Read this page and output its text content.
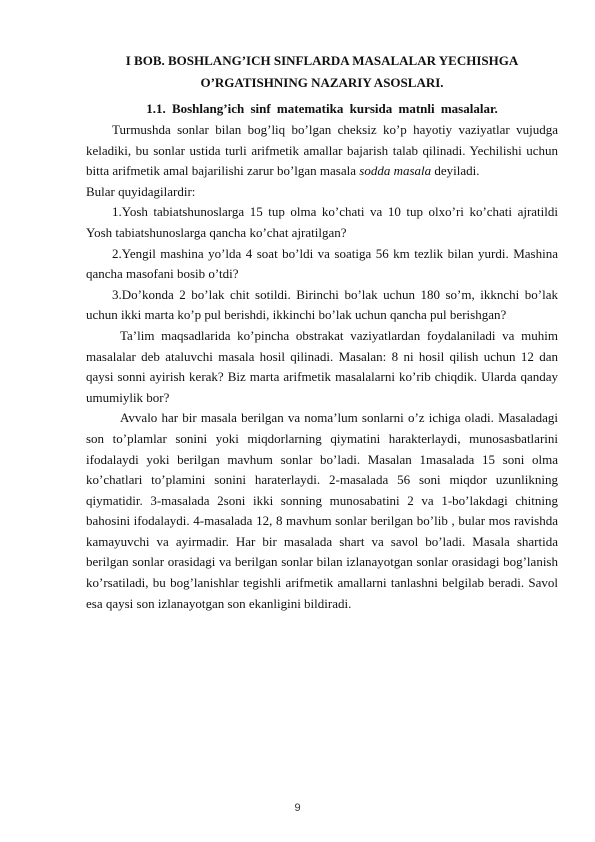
I BOB. BOSHLANG’ICH SINFLARDA MASALALAR YECHISHGA

O’RGATISHNING NAZARIY ASOSLARI.

1.1. Boshlang’ich sinf matematika kursida matnli masalalar.

Turmushda sonlar bilan bog’liq bo’lgan cheksiz ko’p hayotiy vaziyatlar vujudga keladiki, bu sonlar ustida turli arifmetik amallar bajarish talab qilinadi. Yechilishi uchun bitta arifmetik amal bajarilishi zarur bo’lgan masala sodda masala deyiladi.

Bular quyidagilardir:

1.Yosh tabiatshunoslarga 15 tup olma ko’chati va 10 tup olxo’ri ko’chati ajratildi Yosh tabiatshunoslarga qancha ko’chat ajratilgan?

2.Yengil mashina yo’lda 4 soat bo’ldi va soatiga 56 km tezlik bilan yurdi. Mashina qancha masofani bosib o’tdi?

3.Do’konda 2 bo’lak chit sotildi. Birinchi bo’lak uchun 180 so’m, ikknchi bo’lak uchun ikki marta ko’p pul berishdi, ikkinchi bo’lak uchun qancha pul berishgan?

Ta’lim maqsadlarida ko’pincha obstrakat vaziyatlardan foydalaniladi va muhim masalalar deb ataluvchi masala hosil qilinadi. Masalan: 8 ni hosil qilish uchun 12 dan qaysi sonni ayirish kerak? Biz marta arifmetik masalalarni ko’rib chiqdik. Ularda qanday umumiylik bor?

Avvalo har bir masala berilgan va noma’lum sonlarni o’z ichiga oladi. Masaladagi son to’plamlar sonini yoki miqdorlarning qiymatini harakterlaydi, munosasbatlarini ifodalaydi yoki berilgan mavhum sonlar bo’ladi. Masalan 1masalada 15 soni olma ko’chatlari to’plamini sonini haraterlaydi. 2-masalada 56 soni miqdor uzunlikning qiymatidir. 3-masalada 2soni ikki sonning munosabatini 2 va 1-bo’lakdagi chitning bahosini ifodalaydi. 4-masalada 12, 8 mavhum sonlar berilgan bo’lib , bular mos ravishda kamayuvchi va ayirmadir. Har bir masalada shart va savol bo’ladi. Masala shartida berilgan sonlar orasidagi va berilgan sonlar bilan izlanayotgan sonlar orasidagi bog’lanish ko’rsatiladi, bu bog’lanishlar tegishli arifmetik amallarni tanlashni belgilab beradi. Savol esa qaysi son izlanayotgan son ekanligini bildiradi.

9
